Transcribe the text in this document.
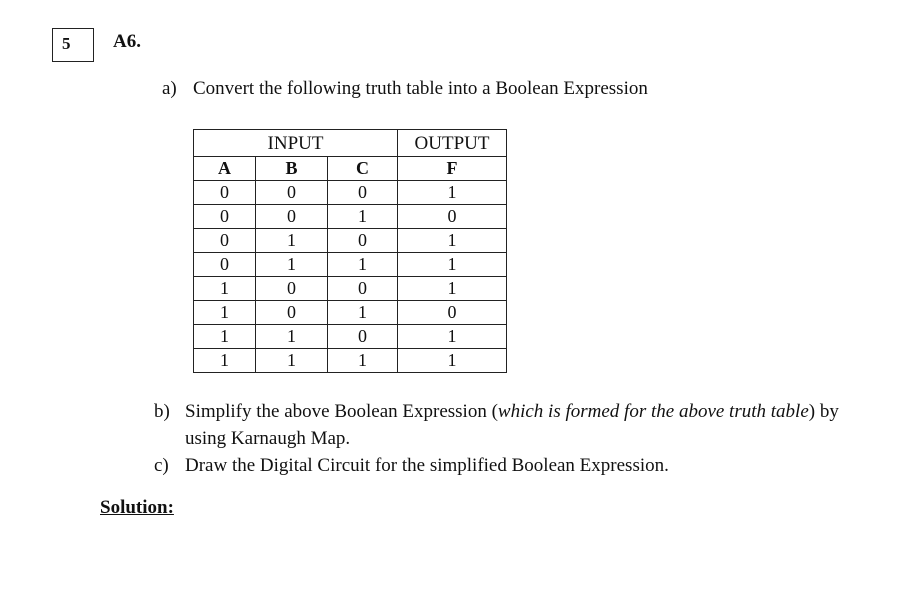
5	A6.
a) Convert the following truth table into a Boolean Expression
INPUT			OUTPUT
A	B	C	F
0	0	0	1
0	0	1	0
0	1	0	1
0	1	1	1
1	0	0	1
1	0	1	0
1	1	0	1
1	1	1	1
b) Simplify the above Boolean Expression (which is formed for the above truth table) by
using Karnaugh Map.
c) Draw the Digital Circuit for the simplified Boolean Expression.
Solution:
